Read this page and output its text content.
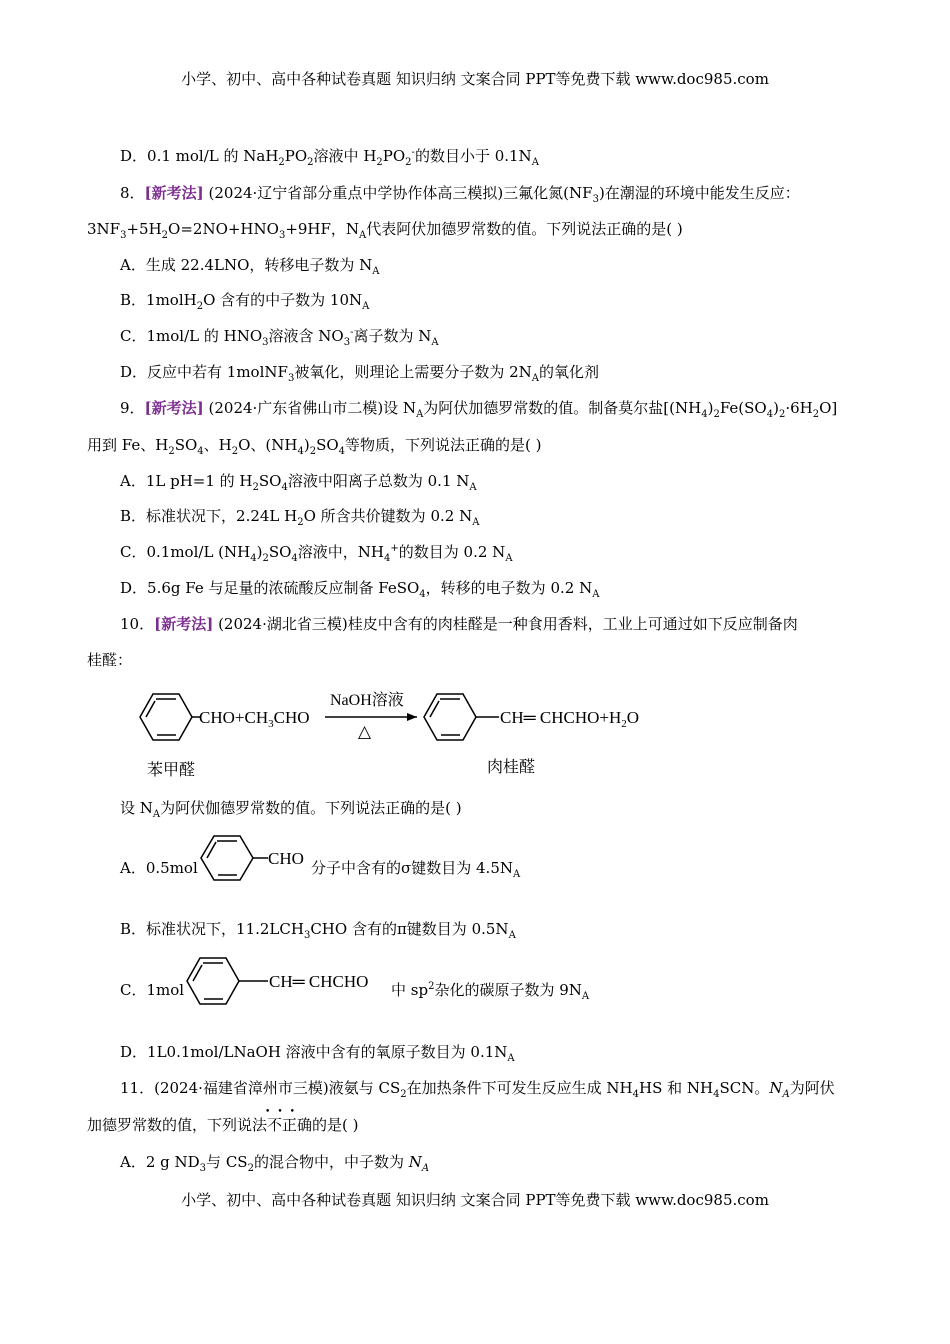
小学、初中、高中各种试卷真题 知识归纳 文案合同 PPT等免费下载 www.doc985.com
D．0.1 mol/L 的 $NaH_2PO_2$溶液中 $H_2PO_2^-$的数目小于 $0.1N_A$
8．[新考法] (2024·辽宁省部分重点中学协作体高三模拟)三氟化氮$(NF_3)$在潮湿的环境中能发生反应：
$3NF_3+5H_2O=2NO+HNO_3+9HF$，$N_A$代表阿伏加德罗常数的值。下列说法正确的是( )
A．生成 22.4LNO，转移电子数为 $N_A$
B．1molH$_2$O 含有的中子数为 $10N_A$
C．1mol/L 的 $HNO_3$溶液含 $NO_3^-$离子数为 $N_A$
D．反应中若有 1molNF$_3$被氧化，则理论上需要分子数为 $2N_A$的氧化剂
9．[新考法] (2024·广东省佛山市二模)设 $N_A$为阿伏加德罗常数的值。制备莫尔盐$[(NH_4)_2Fe(SO_4)_2\cdot 6H_2O]$
用到 Fe、$H_2SO_4$、$H_2O$、$(NH_4)_2SO_4$等物质，下列说法正确的是( )
A．1L pH=1 的 $H_2SO_4$溶液中阳离子总数为 0.1 $N_A$
B．标准状况下，2.24L $H_2O$ 所含共价键数为 0.2 $N_A$
C．0.1mol/L $(NH_4)_2SO_4$溶液中，$NH_4^+$的数目为 0.2 $N_A$
D．5.6g Fe 与足量的浓硫酸反应制备 FeSO$_4$，转移的电子数为 0.2 $N_A$
10．[新考法] (2024·湖北省三模)桂皮中含有的肉桂醛是一种食用香料，工业上可通过如下反应制备肉
桂醛：
$CHO+CH_3CHO$
NaOH溶液
△
CH═ $CHCHO+H_2O$
苯甲醛	肉桂醛
设 $N_A$为阿伏伽德罗常数的值。下列说法正确的是( )
A．0.5mol	CHO 分子中含有的σ键数目为 $4.5N_A$
B．标准状况下，$11.2LCH_3CHO$ 含有的π键数目为 $0.5N_A$
C．1mol	CH═ CHCHO 中 $sp^2$杂化的碳原子数为 $9N_A$
D．1L0.1mol/LNaOH 溶液中含有的氧原子数目为 $0.1N_A$
11．(2024·福建省漳州市三模)液氨与 $CS_2$在加热条件下可发生反应生成 $NH_4HS$ 和 $NH_4SCN$。$N_A$为阿伏
加德罗常数的值，下列说法不正确 •••的是( )
A．2 g $ND_3$与 $CS_2$的混合物中，中子数为 $N_A$
小学、初中、高中各种试卷真题 知识归纳 文案合同 PPT等免费下载 www.doc985.com
